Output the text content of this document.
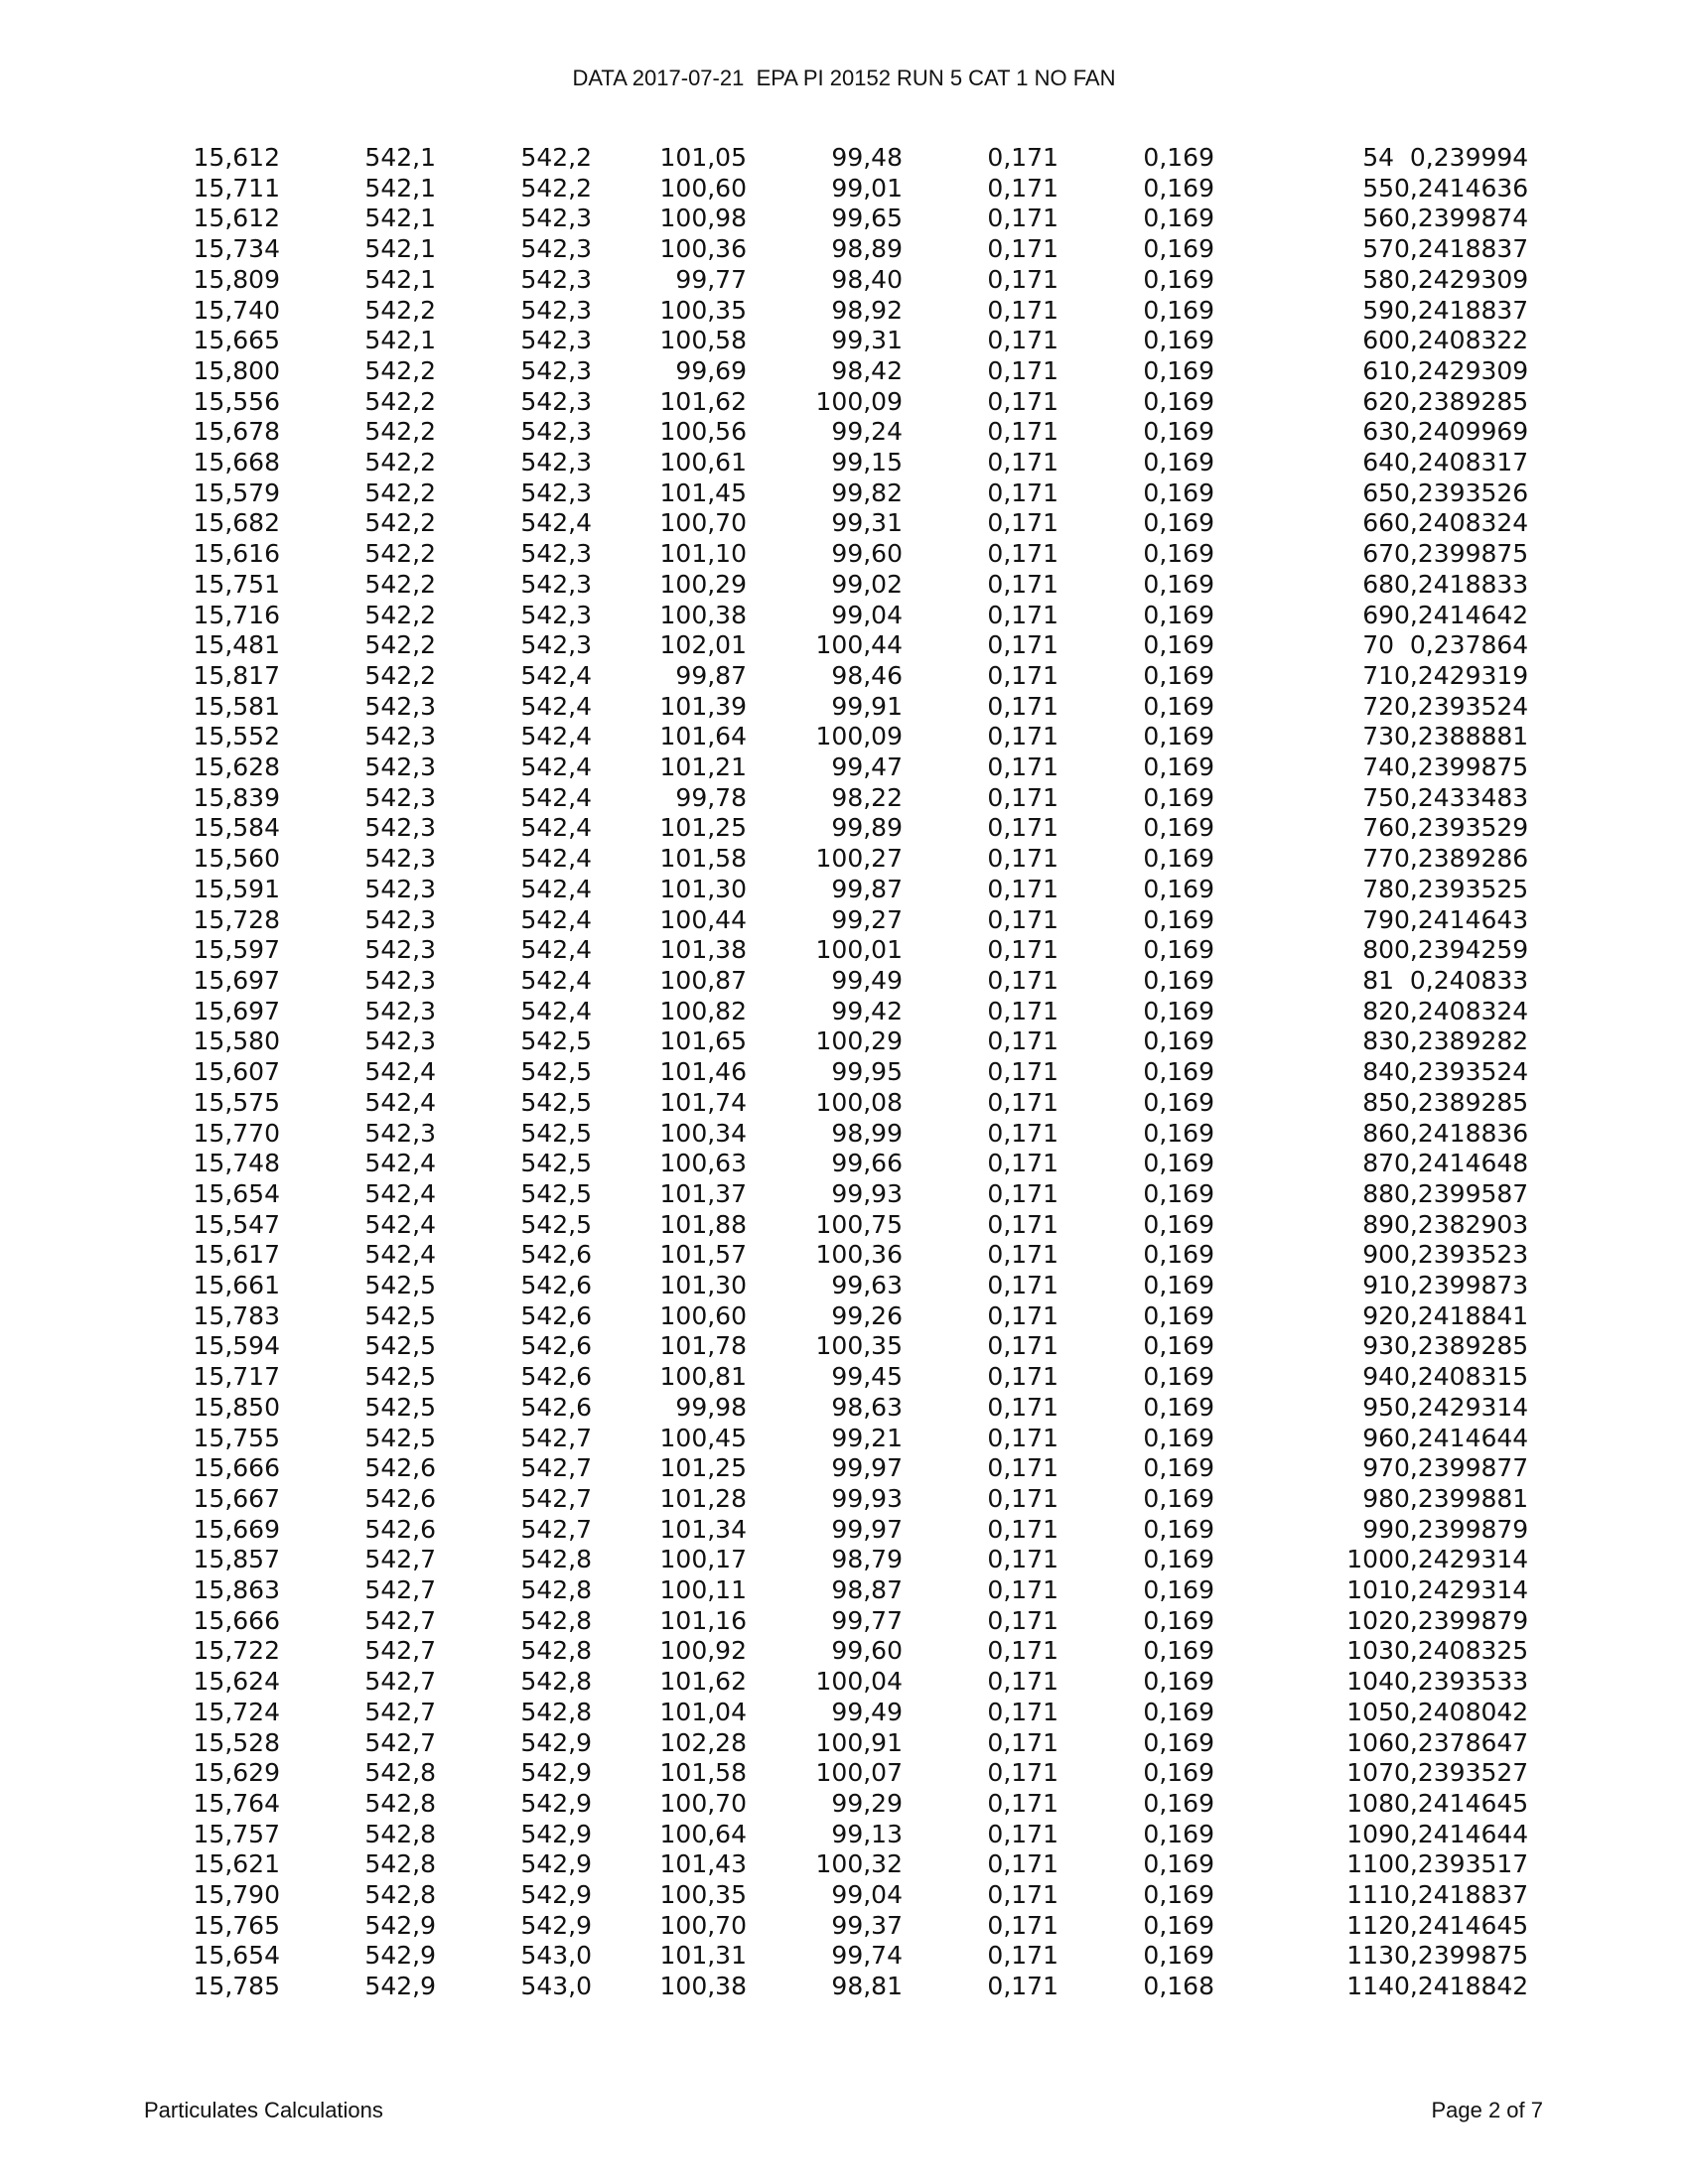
DATA 2017-07-21  EPA PI 20152 RUN 5 CAT 1 NO FAN
15,612	542,1	542,2	101,05	99,48	0,171	0,169	54	0,239994
15,711	542,1	542,2	100,60	99,01	0,171	0,169	55	0,2414636
15,612	542,1	542,3	100,98	99,65	0,171	0,169	56	0,2399874
15,734	542,1	542,3	100,36	98,89	0,171	0,169	57	0,2418837
15,809	542,1	542,3	99,77	98,40	0,171	0,169	58	0,2429309
15,740	542,2	542,3	100,35	98,92	0,171	0,169	59	0,2418837
15,665	542,1	542,3	100,58	99,31	0,171	0,169	60	0,2408322
15,800	542,2	542,3	99,69	98,42	0,171	0,169	61	0,2429309
15,556	542,2	542,3	101,62	100,09	0,171	0,169	62	0,2389285
15,678	542,2	542,3	100,56	99,24	0,171	0,169	63	0,2409969
15,668	542,2	542,3	100,61	99,15	0,171	0,169	64	0,2408317
15,579	542,2	542,3	101,45	99,82	0,171	0,169	65	0,2393526
15,682	542,2	542,4	100,70	99,31	0,171	0,169	66	0,2408324
15,616	542,2	542,3	101,10	99,60	0,171	0,169	67	0,2399875
15,751	542,2	542,3	100,29	99,02	0,171	0,169	68	0,2418833
15,716	542,2	542,3	100,38	99,04	0,171	0,169	69	0,2414642
15,481	542,2	542,3	102,01	100,44	0,171	0,169	70	0,237864
15,817	542,2	542,4	99,87	98,46	0,171	0,169	71	0,2429319
15,581	542,3	542,4	101,39	99,91	0,171	0,169	72	0,2393524
15,552	542,3	542,4	101,64	100,09	0,171	0,169	73	0,2388881
15,628	542,3	542,4	101,21	99,47	0,171	0,169	74	0,2399875
15,839	542,3	542,4	99,78	98,22	0,171	0,169	75	0,2433483
15,584	542,3	542,4	101,25	99,89	0,171	0,169	76	0,2393529
15,560	542,3	542,4	101,58	100,27	0,171	0,169	77	0,2389286
15,591	542,3	542,4	101,30	99,87	0,171	0,169	78	0,2393525
15,728	542,3	542,4	100,44	99,27	0,171	0,169	79	0,2414643
15,597	542,3	542,4	101,38	100,01	0,171	0,169	80	0,2394259
15,697	542,3	542,4	100,87	99,49	0,171	0,169	81	0,240833
15,697	542,3	542,4	100,82	99,42	0,171	0,169	82	0,2408324
15,580	542,3	542,5	101,65	100,29	0,171	0,169	83	0,2389282
15,607	542,4	542,5	101,46	99,95	0,171	0,169	84	0,2393524
15,575	542,4	542,5	101,74	100,08	0,171	0,169	85	0,2389285
15,770	542,3	542,5	100,34	98,99	0,171	0,169	86	0,2418836
15,748	542,4	542,5	100,63	99,66	0,171	0,169	87	0,2414648
15,654	542,4	542,5	101,37	99,93	0,171	0,169	88	0,2399587
15,547	542,4	542,5	101,88	100,75	0,171	0,169	89	0,2382903
15,617	542,4	542,6	101,57	100,36	0,171	0,169	90	0,2393523
15,661	542,5	542,6	101,30	99,63	0,171	0,169	91	0,2399873
15,783	542,5	542,6	100,60	99,26	0,171	0,169	92	0,2418841
15,594	542,5	542,6	101,78	100,35	0,171	0,169	93	0,2389285
15,717	542,5	542,6	100,81	99,45	0,171	0,169	94	0,2408315
15,850	542,5	542,6	99,98	98,63	0,171	0,169	95	0,2429314
15,755	542,5	542,7	100,45	99,21	0,171	0,169	96	0,2414644
15,666	542,6	542,7	101,25	99,97	0,171	0,169	97	0,2399877
15,667	542,6	542,7	101,28	99,93	0,171	0,169	98	0,2399881
15,669	542,6	542,7	101,34	99,97	0,171	0,169	99	0,2399879
15,857	542,7	542,8	100,17	98,79	0,171	0,169	100	0,2429314
15,863	542,7	542,8	100,11	98,87	0,171	0,169	101	0,2429314
15,666	542,7	542,8	101,16	99,77	0,171	0,169	102	0,2399879
15,722	542,7	542,8	100,92	99,60	0,171	0,169	103	0,2408325
15,624	542,7	542,8	101,62	100,04	0,171	0,169	104	0,2393533
15,724	542,7	542,8	101,04	99,49	0,171	0,169	105	0,2408042
15,528	542,7	542,9	102,28	100,91	0,171	0,169	106	0,2378647
15,629	542,8	542,9	101,58	100,07	0,171	0,169	107	0,2393527
15,764	542,8	542,9	100,70	99,29	0,171	0,169	108	0,2414645
15,757	542,8	542,9	100,64	99,13	0,171	0,169	109	0,2414644
15,621	542,8	542,9	101,43	100,32	0,171	0,169	110	0,2393517
15,790	542,8	542,9	100,35	99,04	0,171	0,169	111	0,2418837
15,765	542,9	542,9	100,70	99,37	0,171	0,169	112	0,2414645
15,654	542,9	543,0	101,31	99,74	0,171	0,169	113	0,2399875
15,785	542,9	543,0	100,38	98,81	0,171	0,168	114	0,2418842
Particulates Calculations	Page 2 of 7
